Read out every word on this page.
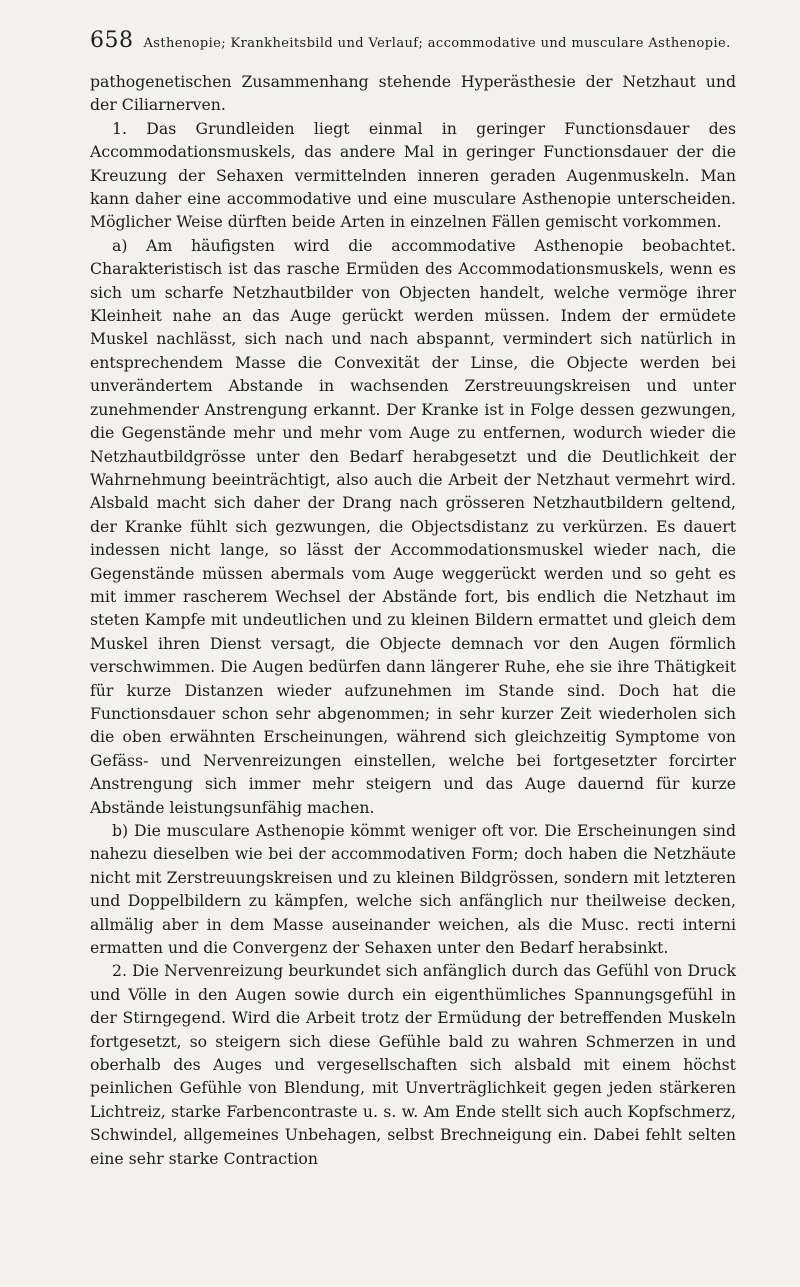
658 Asthenopie; Krankheitsbild und Verlauf; accommodative und musculare Asthenopie.

pathogenetischen Zusammenhang stehende Hyperästhesie der Netzhaut und der Ciliarnerven.

1. Das Grundleiden liegt einmal in geringer Functionsdauer des Accommodationsmuskels, das andere Mal in geringer Functionsdauer der die Kreuzung der Sehaxen vermittelnden inneren geraden Augenmuskeln. Man kann daher eine accommodative und eine musculare Asthenopie unterscheiden. Möglicher Weise dürften beide Arten in einzelnen Fällen gemischt vorkommen.

a) Am häufigsten wird die accommodative Asthenopie beobachtet. Charakteristisch ist das rasche Ermüden des Accommodationsmuskels, wenn es sich um scharfe Netzhautbilder von Objecten handelt, welche vermöge ihrer Kleinheit nahe an das Auge gerückt werden müssen. Indem der ermüdete Muskel nachlässt, sich nach und nach abspannt, vermindert sich natürlich in entsprechendem Masse die Convexität der Linse, die Objecte werden bei unverändertem Abstande in wachsenden Zerstreuungskreisen und unter zunehmender Anstrengung erkannt. Der Kranke ist in Folge dessen gezwungen, die Gegenstände mehr und mehr vom Auge zu entfernen, wodurch wieder die Netzhautbildgrösse unter den Bedarf herabgesetzt und die Deutlichkeit der Wahrnehmung beeinträchtigt, also auch die Arbeit der Netzhaut vermehrt wird. Alsbald macht sich daher der Drang nach grösseren Netzhautbildern geltend, der Kranke fühlt sich gezwungen, die Objectsdistanz zu verkürzen. Es dauert indessen nicht lange, so lässt der Accommodationsmuskel wieder nach, die Gegenstände müssen abermals vom Auge weggerückt werden und so geht es mit immer rascherem Wechsel der Abstände fort, bis endlich die Netzhaut im steten Kampfe mit undeutlichen und zu kleinen Bildern ermattet und gleich dem Muskel ihren Dienst versagt, die Objecte demnach vor den Augen förmlich verschwimmen. Die Augen bedürfen dann längerer Ruhe, ehe sie ihre Thätigkeit für kurze Distanzen wieder aufzunehmen im Stande sind. Doch hat die Functionsdauer schon sehr abgenommen; in sehr kurzer Zeit wiederholen sich die oben erwähnten Erscheinungen, während sich gleichzeitig Symptome von Gefäss- und Nervenreizungen einstellen, welche bei fortgesetzter forcirter Anstrengung sich immer mehr steigern und das Auge dauernd für kurze Abstände leistungsunfähig machen.

b) Die musculare Asthenopie kömmt weniger oft vor. Die Erscheinungen sind nahezu dieselben wie bei der accommodativen Form; doch haben die Netzhäute nicht mit Zerstreuungskreisen und zu kleinen Bildgrössen, sondern mit letzteren und Doppelbildern zu kämpfen, welche sich anfänglich nur theilweise decken, allmälig aber in dem Masse auseinander weichen, als die Musc. recti interni ermatten und die Convergenz der Sehaxen unter den Bedarf herabsinkt.

2. Die Nervenreizung beurkundet sich anfänglich durch das Gefühl von Druck und Völle in den Augen sowie durch ein eigenthümliches Spannungsgefühl in der Stirngegend. Wird die Arbeit trotz der Ermüdung der betreffenden Muskeln fortgesetzt, so steigern sich diese Gefühle bald zu wahren Schmerzen in und oberhalb des Auges und vergesellschaften sich alsbald mit einem höchst peinlichen Gefühle von Blendung, mit Unverträglichkeit gegen jeden stärkeren Lichtreiz, starke Farbencontraste u. s. w. Am Ende stellt sich auch Kopfschmerz, Schwindel, allgemeines Unbehagen, selbst Brechneigung ein. Dabei fehlt selten eine sehr starke Contraction
